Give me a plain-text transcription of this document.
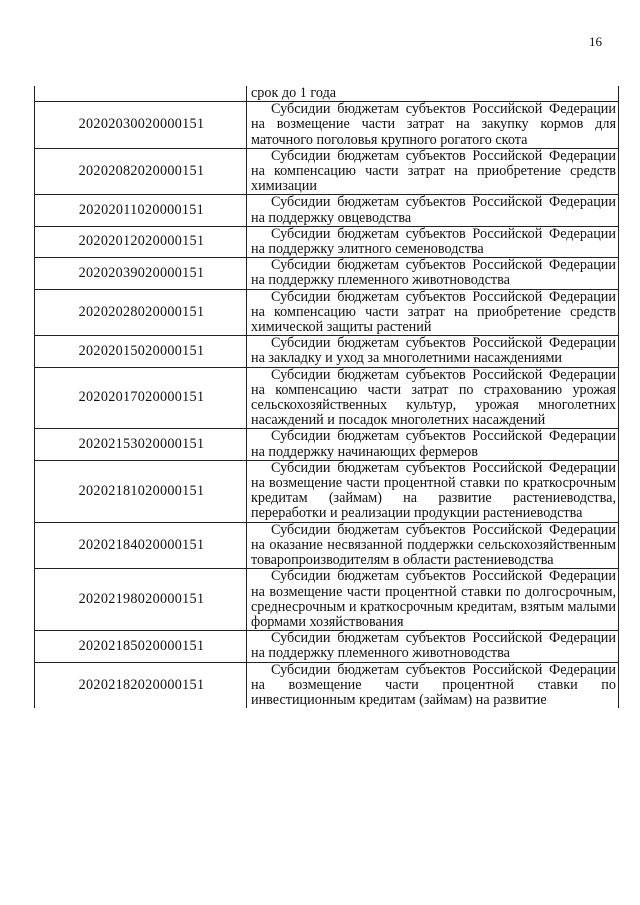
16
	срок до 1 года
20202030020000151	Субсидии бюджетам субъектов Российской Федерации на возмещение части затрат на закупку кормов для маточного поголовья крупного рогатого скота
20202082020000151	Субсидии бюджетам субъектов Российской Федерации на компенсацию части затрат на приобретение средств химизации
20202011020000151	Субсидии бюджетам субъектов Российской Федерации на поддержку овцеводства
20202012020000151	Субсидии бюджетам субъектов Российской Федерации на поддержку элитного семеноводства
20202039020000151	Субсидии бюджетам субъектов Российской Федерации на поддержку племенного животноводства
20202028020000151	Субсидии бюджетам субъектов Российской Федерации на компенсацию части затрат на приобретение средств химической защиты растений
20202015020000151	Субсидии бюджетам субъектов Российской Федерации на закладку и уход за многолетними насаждениями
20202017020000151	Субсидии бюджетам субъектов Российской Федерации на компенсацию части затрат по страхованию урожая сельскохозяйственных культур, урожая многолетних насаждений и посадок многолетних насаждений
20202153020000151	Субсидии бюджетам субъектов Российской Федерации на поддержку начинающих фермеров
20202181020000151	Субсидии бюджетам субъектов Российской Федерации на возмещение части процентной ставки по краткосрочным кредитам (займам) на развитие растениеводства, переработки и реализации продукции растениеводства
20202184020000151	Субсидии бюджетам субъектов Российской Федерации на оказание несвязанной поддержки сельскохозяйственным товаропроизводителям в области растениеводства
20202198020000151	Субсидии бюджетам субъектов Российской Федерации на возмещение части процентной ставки по долгосрочным, среднесрочным и краткосрочным кредитам, взятым малыми формами хозяйствования
20202185020000151	Субсидии бюджетам субъектов Российской Федерации на поддержку племенного животноводства
20202182020000151	Субсидии бюджетам субъектов Российской Федерации на возмещение части процентной ставки по инвестиционным кредитам (займам) на развитие
